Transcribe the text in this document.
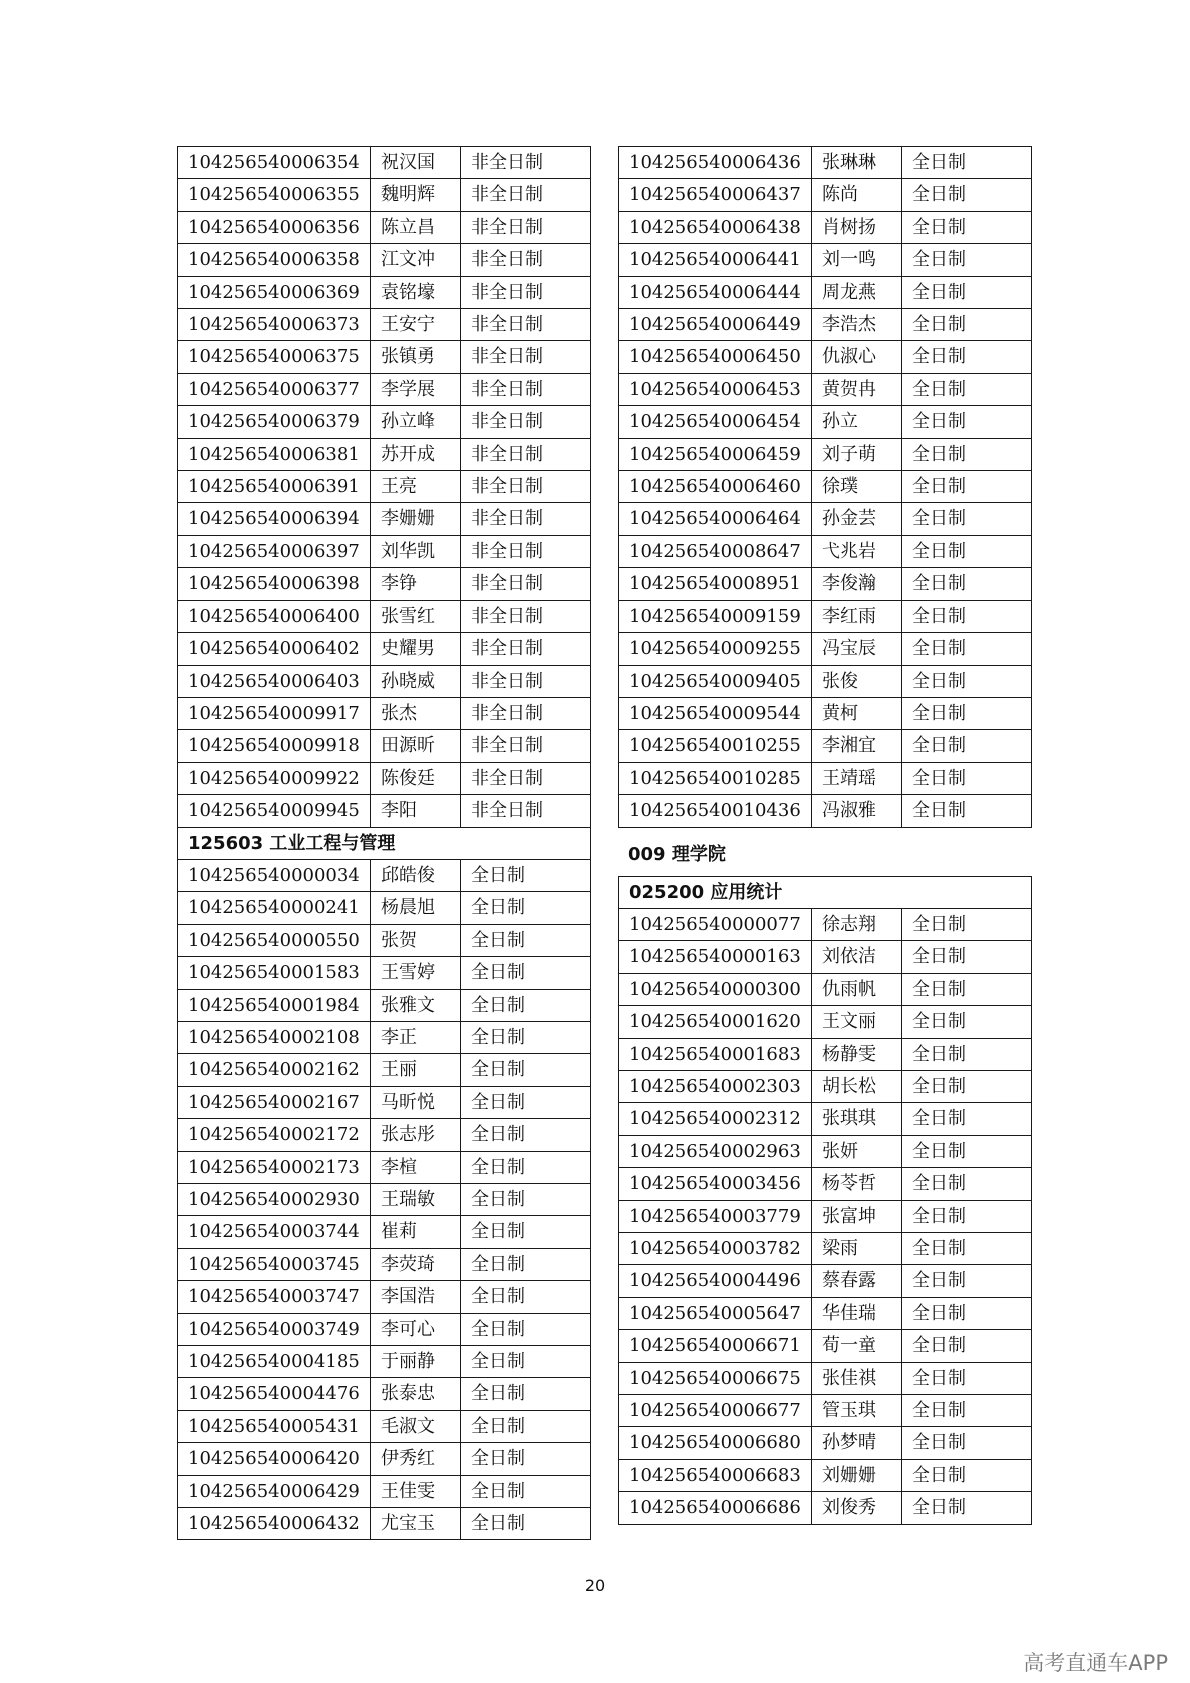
104256540006354	祝汉国	非全日制
104256540006355	魏明辉	非全日制
104256540006356	陈立昌	非全日制
104256540006358	江文冲	非全日制
104256540006369	袁铭壕	非全日制
104256540006373	王安宁	非全日制
104256540006375	张镇勇	非全日制
104256540006377	李学展	非全日制
104256540006379	孙立峰	非全日制
104256540006381	苏开成	非全日制
104256540006391	王亮	非全日制
104256540006394	李姗姗	非全日制
104256540006397	刘华凯	非全日制
104256540006398	李铮	非全日制
104256540006400	张雪红	非全日制
104256540006402	史耀男	非全日制
104256540006403	孙晓威	非全日制
104256540009917	张杰	非全日制
104256540009918	田源昕	非全日制
104256540009922	陈俊廷	非全日制
104256540009945	李阳	非全日制
125603 工业工程与管理		
104256540000034	邱皓俊	全日制
104256540000241	杨晨旭	全日制
104256540000550	张贺	全日制
104256540001583	王雪婷	全日制
104256540001984	张雅文	全日制
104256540002108	李正	全日制
104256540002162	王丽	全日制
104256540002167	马昕悦	全日制
104256540002172	张志彤	全日制
104256540002173	李楦	全日制
104256540002930	王瑞敏	全日制
104256540003744	崔莉	全日制
104256540003745	李荧琦	全日制
104256540003747	李国浩	全日制
104256540003749	李可心	全日制
104256540004185	于丽静	全日制
104256540004476	张泰忠	全日制
104256540005431	毛淑文	全日制
104256540006420	伊秀红	全日制
104256540006429	王佳雯	全日制
104256540006432	尤宝玉	全日制
104256540006436	张琳琳	全日制
104256540006437	陈尚	全日制
104256540006438	肖树扬	全日制
104256540006441	刘一鸣	全日制
104256540006444	周龙燕	全日制
104256540006449	李浩杰	全日制
104256540006450	仇淑心	全日制
104256540006453	黄贺冉	全日制
104256540006454	孙立	全日制
104256540006459	刘子萌	全日制
104256540006460	徐璞	全日制
104256540006464	孙金芸	全日制
104256540008647	弋兆岩	全日制
104256540008951	李俊瀚	全日制
104256540009159	李红雨	全日制
104256540009255	冯宝辰	全日制
104256540009405	张俊	全日制
104256540009544	黄柯	全日制
104256540010255	李湘宜	全日制
104256540010285	王靖瑶	全日制
104256540010436	冯淑雅	全日制
009 理学院
025200 应用统计		
104256540000077	徐志翔	全日制
104256540000163	刘依洁	全日制
104256540000300	仇雨帆	全日制
104256540001620	王文丽	全日制
104256540001683	杨静雯	全日制
104256540002303	胡长松	全日制
104256540002312	张琪琪	全日制
104256540002963	张妍	全日制
104256540003456	杨苓哲	全日制
104256540003779	张富坤	全日制
104256540003782	梁雨	全日制
104256540004496	蔡春露	全日制
104256540005647	华佳瑞	全日制
104256540006671	荀一童	全日制
104256540006675	张佳祺	全日制
104256540006677	管玉琪	全日制
104256540006680	孙梦晴	全日制
104256540006683	刘姗姗	全日制
104256540006686	刘俊秀	全日制
20
高考直通车APP
